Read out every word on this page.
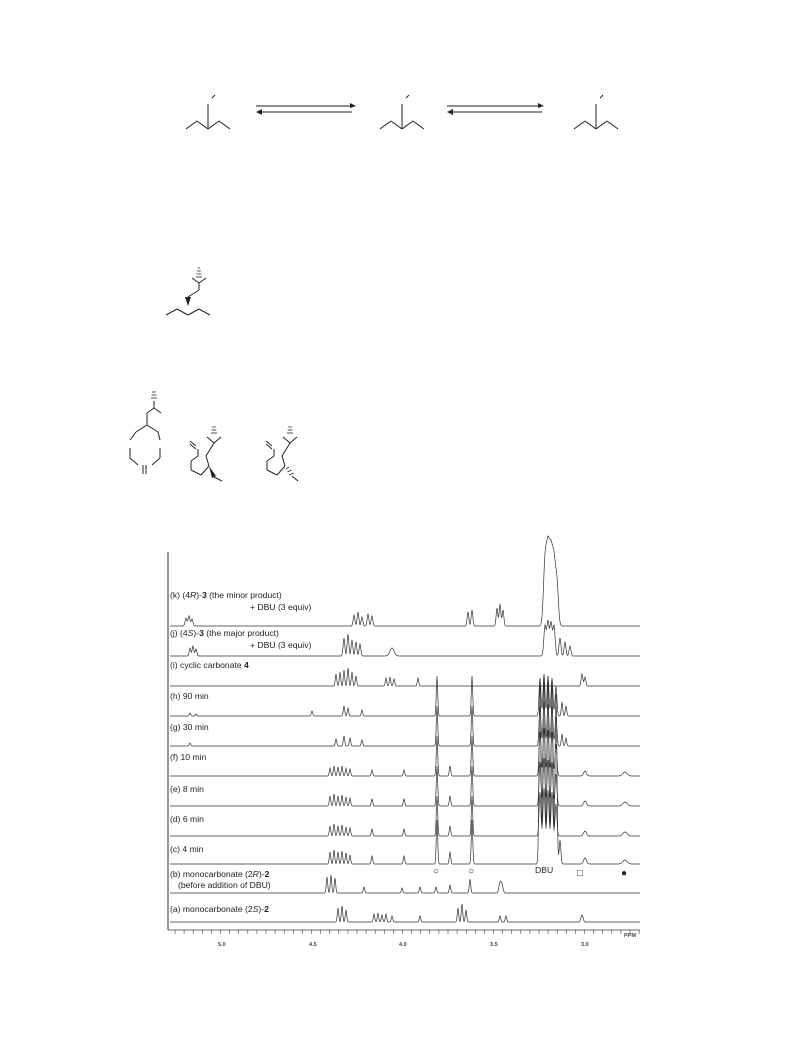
PPM
5.0	4.5	4.0	3.5	3.0
(k) (4R)-3 (the minor product)
+ DBU (3 equiv)
(j) (4S)-3 (the major product)
+ DBU (3 equiv)
(i) cyclic carbonate 4
(h) 90 min
(g) 30 min
(f) 10 min
(e) 8 min
(d) 6 min
(c) 4 min
(b) monocarbonate (2R)-2
(before addition of DBU)
(a) monocarbonate (2S)-2
DBU
○	○	□	●
